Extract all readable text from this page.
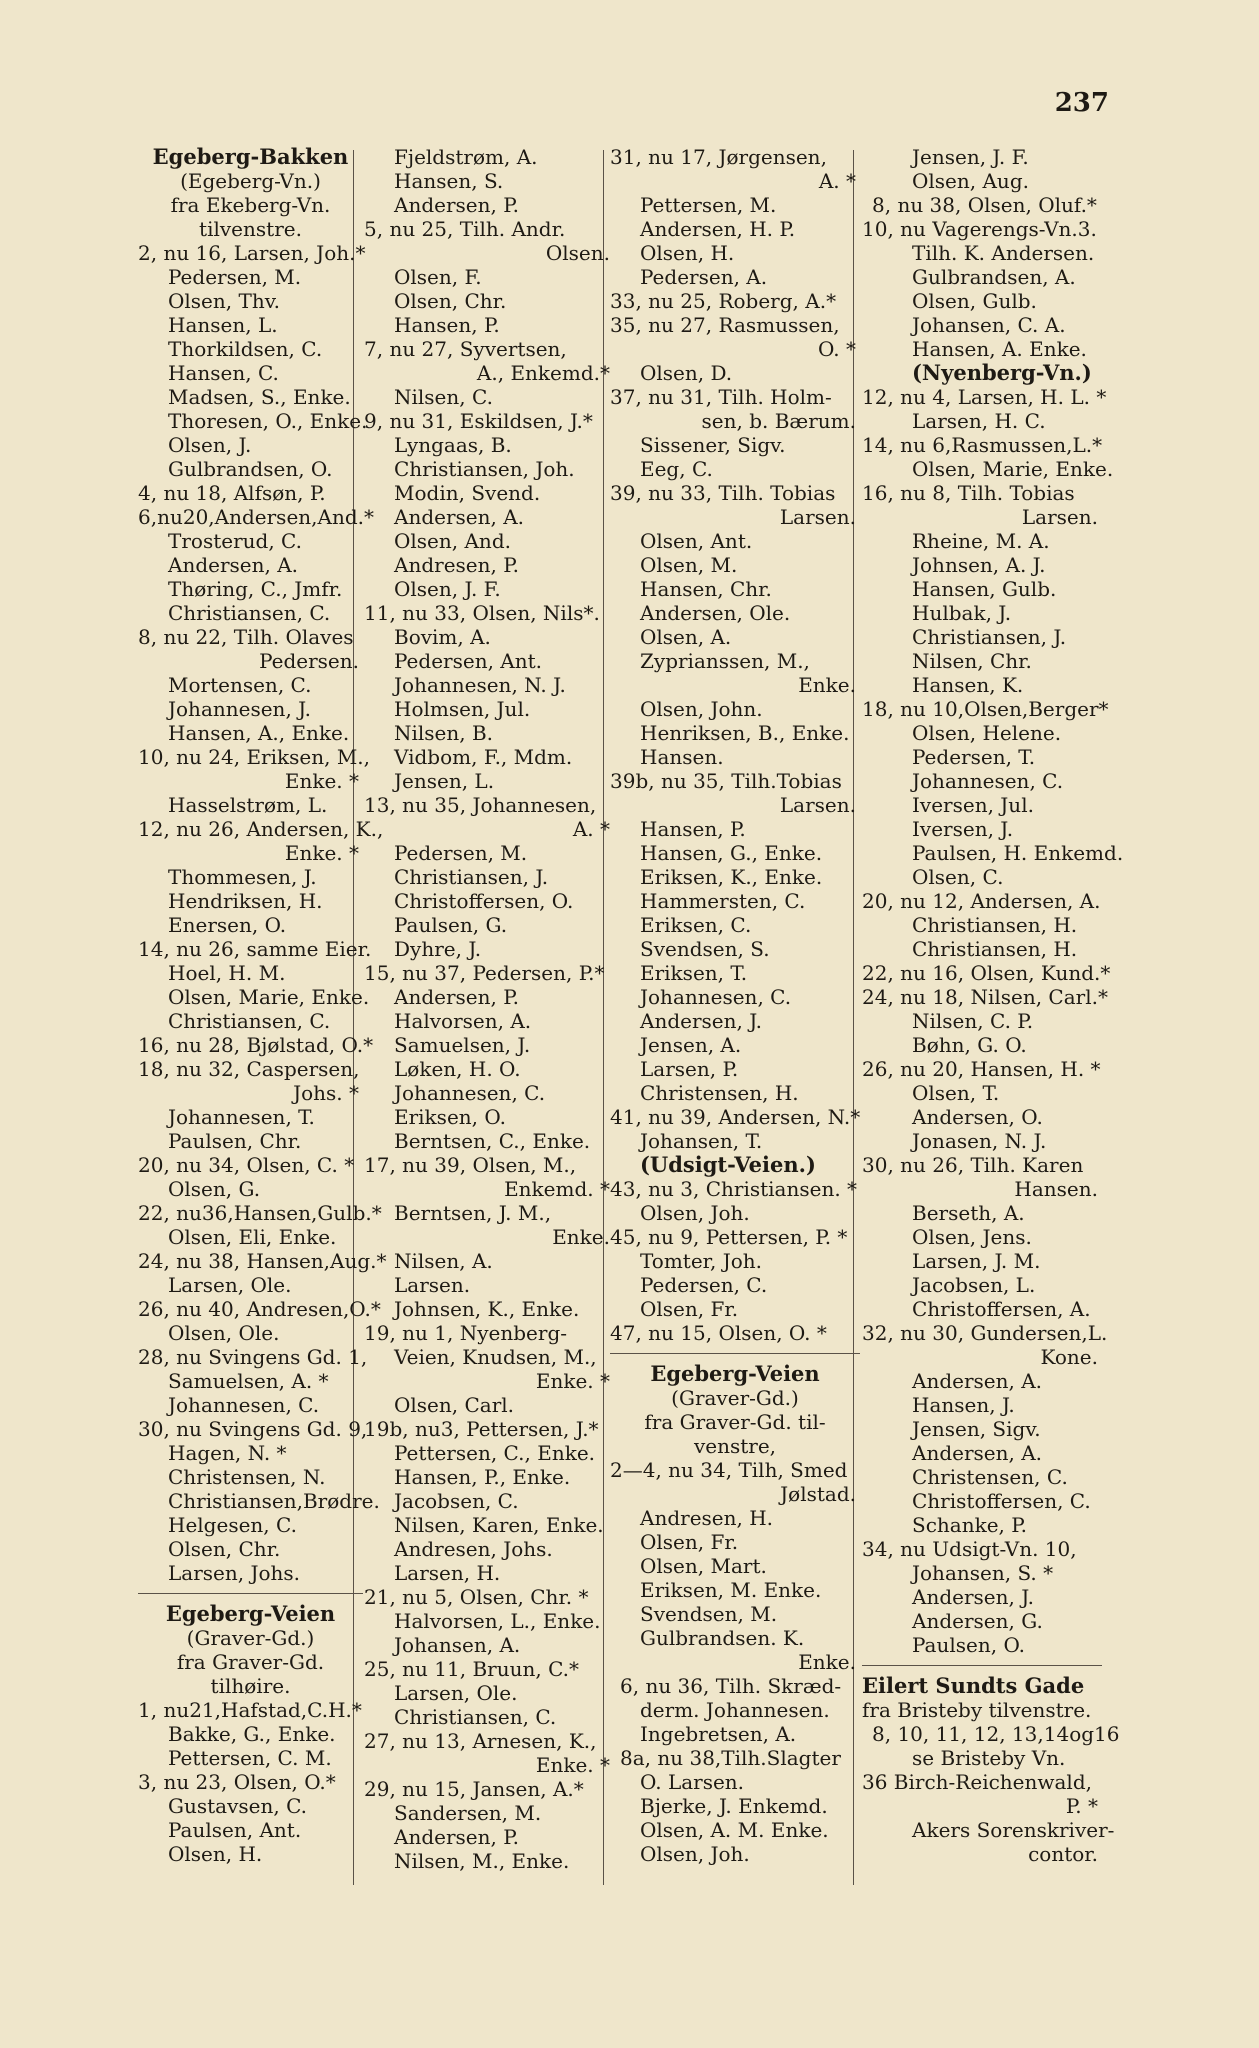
237
Egeberg-Bakken
(Egeberg-Vn.)
fra Ekeberg-Vn.
tilvenstre.
2, nu 16, Larsen, Joh.*
Pedersen, M.
Olsen, Thv.
Hansen, L.
Thorkildsen, C.
Hansen, C.
Madsen, S., Enke.
Thoresen, O., Enke.
Olsen, J.
Gulbrandsen, O.
4, nu 18, Alfsøn, P.
6,nu20,Andersen,And.*
Trosterud, C.
Andersen, A.
Thøring, C., Jmfr.
Christiansen, C.
8, nu 22, Tilh. Olaves
Pedersen.
Mortensen, C.
Johannesen, J.
Hansen, A., Enke.
10, nu 24, Eriksen, M.,
Enke. *
Hasselstrøm, L.
12, nu 26, Andersen, K.,
Enke. *
Thommesen, J.
Hendriksen, H.
Enersen, O.
14, nu 26, samme Eier.
Hoel, H. M.
Olsen, Marie, Enke.
Christiansen, C.
16, nu 28, Bjølstad, O.*
18, nu 32, Caspersen,
Johs. *
Johannesen, T.
Paulsen, Chr.
20, nu 34, Olsen, C. *
Olsen, G.
22, nu36,Hansen,Gulb.*
Olsen, Eli, Enke.
24, nu 38, Hansen,Aug.*
Larsen, Ole.
26, nu 40, Andresen,O.*
Olsen, Ole.
28, nu Svingens Gd. 1,
Samuelsen, A. *
Johannesen, C.
30, nu Svingens Gd. 9,
Hagen, N. *
Christensen, N.
Christiansen,Brødre.
Helgesen, C.
Olsen, Chr.
Larsen, Johs.
Egeberg-Veien
(Graver-Gd.)
fra Graver-Gd.
tilhøire.
1, nu21,Hafstad,C.H.*
Bakke, G., Enke.
Pettersen, C. M.
3, nu 23, Olsen, O.*
Gustavsen, C.
Paulsen, Ant.
Olsen, H.
Fjeldstrøm, A.
Hansen, S.
Andersen, P.
5, nu 25, Tilh. Andr.
Olsen.
Olsen, F.
Olsen, Chr.
Hansen, P.
7, nu 27, Syvertsen,
A., Enkemd.*
Nilsen, C.
9, nu 31, Eskildsen, J.*
Lyngaas, B.
Christiansen, Joh.
Modin, Svend.
Andersen, A.
Olsen, And.
Andresen, P.
Olsen, J. F.
11, nu 33, Olsen, Nils*.
Bovim, A.
Pedersen, Ant.
Johannesen, N. J.
Holmsen, Jul.
Nilsen, B.
Vidbom, F., Mdm.
Jensen, L.
13, nu 35, Johannesen,
A. *
Pedersen, M.
Christiansen, J.
Christoffersen, O.
Paulsen, G.
Dyhre, J.
15, nu 37, Pedersen, P.*
Andersen, P.
Halvorsen, A.
Samuelsen, J.
Løken, H. O.
Johannesen, C.
Eriksen, O.
Berntsen, C., Enke.
17, nu 39, Olsen, M.,
Enkemd. *
Berntsen, J. M.,
Enke.
Nilsen, A.
Larsen.
Johnsen, K., Enke.
19, nu 1, Nyenberg-
Veien, Knudsen, M.,
Enke. *
Olsen, Carl.
19b, nu3, Pettersen, J.*
Pettersen, C., Enke.
Hansen, P., Enke.
Jacobsen, C.
Nilsen, Karen, Enke.
Andresen, Johs.
Larsen, H.
21, nu 5, Olsen, Chr. *
Halvorsen, L., Enke.
Johansen, A.
25, nu 11, Bruun, C.*
Larsen, Ole.
Christiansen, C.
27, nu 13, Arnesen, K.,
Enke. *
29, nu 15, Jansen, A.*
Sandersen, M.
Andersen, P.
Nilsen, M., Enke.
31, nu 17, Jørgensen,
A. *
Pettersen, M.
Andersen, H. P.
Olsen, H.
Pedersen, A.
33, nu 25, Roberg, A.*
35, nu 27, Rasmussen,
O. *
Olsen, D.
37, nu 31, Tilh. Holm-
sen, b. Bærum.
Sissener, Sigv.
Eeg, C.
39, nu 33, Tilh. Tobias
Larsen.
Olsen, Ant.
Olsen, M.
Hansen, Chr.
Andersen, Ole.
Olsen, A.
Zyprianssen, M.,
Enke.
Olsen, John.
Henriksen, B., Enke.
Hansen.
39b, nu 35, Tilh.Tobias
Larsen.
Hansen, P.
Hansen, G., Enke.
Eriksen, K., Enke.
Hammersten, C.
Eriksen, C.
Svendsen, S.
Eriksen, T.
Johannesen, C.
Andersen, J.
Jensen, A.
Larsen, P.
Christensen, H.
41, nu 39, Andersen, N.*
Johansen, T.
(Udsigt-Veien.)
43, nu 3, Christiansen. *
Olsen, Joh.
45, nu 9, Pettersen, P. *
Tomter, Joh.
Pedersen, C.
Olsen, Fr.
47, nu 15, Olsen, O. *
Egeberg-Veien
(Graver-Gd.)
fra Graver-Gd. til-
venstre,
2—4, nu 34, Tilh, Smed
Jølstad.
Andresen, H.
Olsen, Fr.
Olsen, Mart.
Eriksen, M. Enke.
Svendsen, M.
Gulbrandsen. K.
Enke.
6, nu 36, Tilh. Skræd-
derm. Johannesen.
Ingebretsen, A.
8a, nu 38,Tilh.Slagter
O. Larsen.
Bjerke, J. Enkemd.
Olsen, A. M. Enke.
Olsen, Joh.
Jensen, J. F.
Olsen, Aug.
8, nu 38, Olsen, Oluf.*
10, nu Vagerengs-Vn.3.
Tilh. K. Andersen.
Gulbrandsen, A.
Olsen, Gulb.
Johansen, C. A.
Hansen, A. Enke.
(Nyenberg-Vn.)
12, nu 4, Larsen, H. L. *
Larsen, H. C.
14, nu 6,Rasmussen,L.*
Olsen, Marie, Enke.
16, nu 8, Tilh. Tobias
Larsen.
Rheine, M. A.
Johnsen, A. J.
Hansen, Gulb.
Hulbak, J.
Christiansen, J.
Nilsen, Chr.
Hansen, K.
18, nu 10,Olsen,Berger*
Olsen, Helene.
Pedersen, T.
Johannesen, C.
Iversen, Jul.
Iversen, J.
Paulsen, H. Enkemd.
Olsen, C.
20, nu 12, Andersen, A.
Christiansen, H.
Christiansen, H.
22, nu 16, Olsen, Kund.*
24, nu 18, Nilsen, Carl.*
Nilsen, C. P.
Bøhn, G. O.
26, nu 20, Hansen, H. *
Olsen, T.
Andersen, O.
Jonasen, N. J.
30, nu 26, Tilh. Karen
Hansen.
Berseth, A.
Olsen, Jens.
Larsen, J. M.
Jacobsen, L.
Christoffersen, A.
32, nu 30, Gundersen,L.
Kone.
Andersen, A.
Hansen, J.
Jensen, Sigv.
Andersen, A.
Christensen, C.
Christoffersen, C.
Schanke, P.
34, nu Udsigt-Vn. 10,
Johansen, S. *
Andersen, J.
Andersen, G.
Paulsen, O.
Eilert Sundts Gade
fra Bristeby tilvenstre.
8, 10, 11, 12, 13,14og16
se Bristeby Vn.
36 Birch-Reichenwald,
P. *
Akers Sorenskriver-
contor.
